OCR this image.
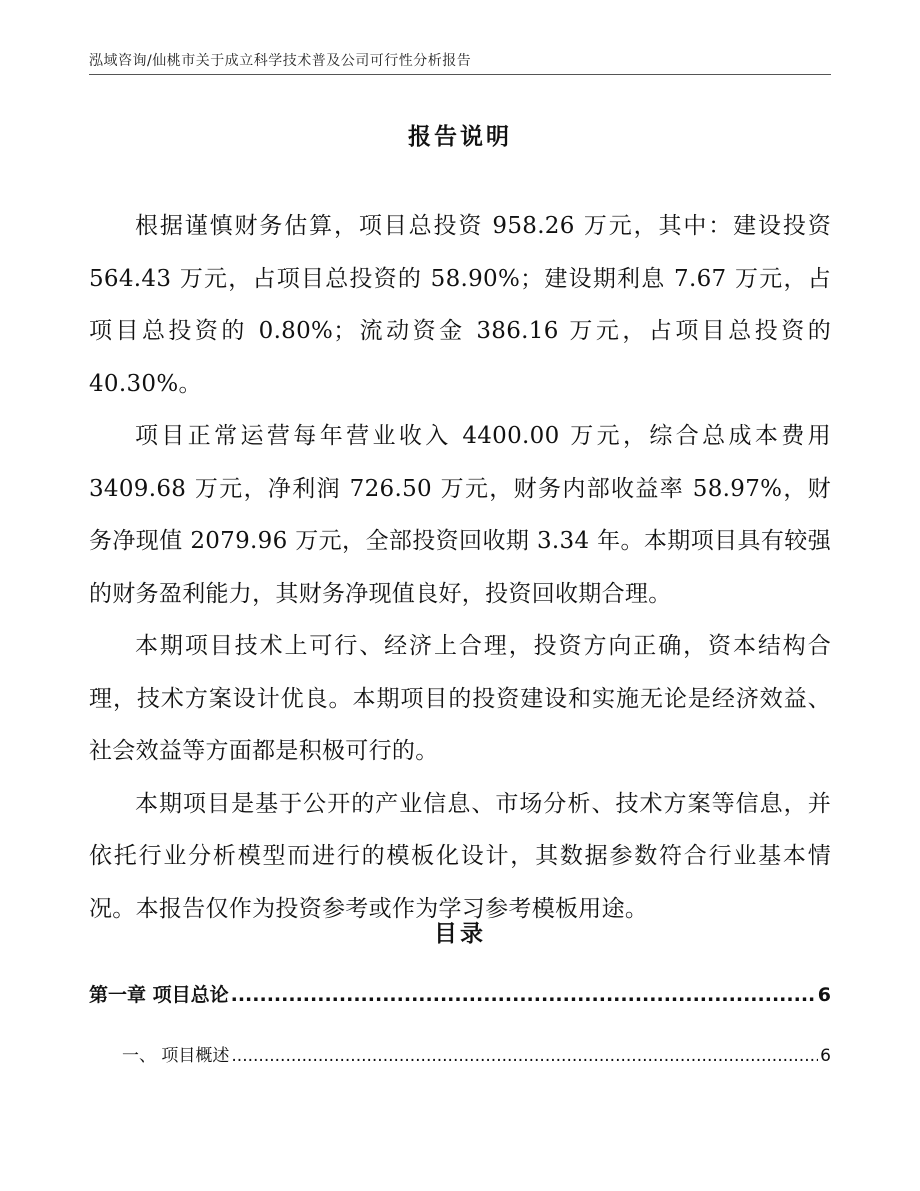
泓域咨询/仙桃市关于成立科学技术普及公司可行性分析报告
报告说明

根据谨慎财务估算，项目总投资 958.26 万元，其中：建设投资 564.43 万元，占项目总投资的 58.90%；建设期利息 7.67 万元，占项目总投资的 0.80%；流动资金 386.16 万元，占项目总投资的 40.30%。

项目正常运营每年营业收入 4400.00 万元，综合总成本费用 3409.68 万元，净利润 726.50 万元，财务内部收益率 58.97%，财务净现值 2079.96 万元，全部投资回收期 3.34 年。本期项目具有较强的财务盈利能力，其财务净现值良好，投资回收期合理。

本期项目技术上可行、经济上合理，投资方向正确，资本结构合理，技术方案设计优良。本期项目的投资建设和实施无论是经济效益、社会效益等方面都是积极可行的。

本期项目是基于公开的产业信息、市场分析、技术方案等信息，并依托行业分析模型而进行的模板化设计，其数据参数符合行业基本情况。本报告仅作为投资参考或作为学习参考模板用途。

目录
第一章 项目总论 .....	6
一、 项目概述 .....	6
